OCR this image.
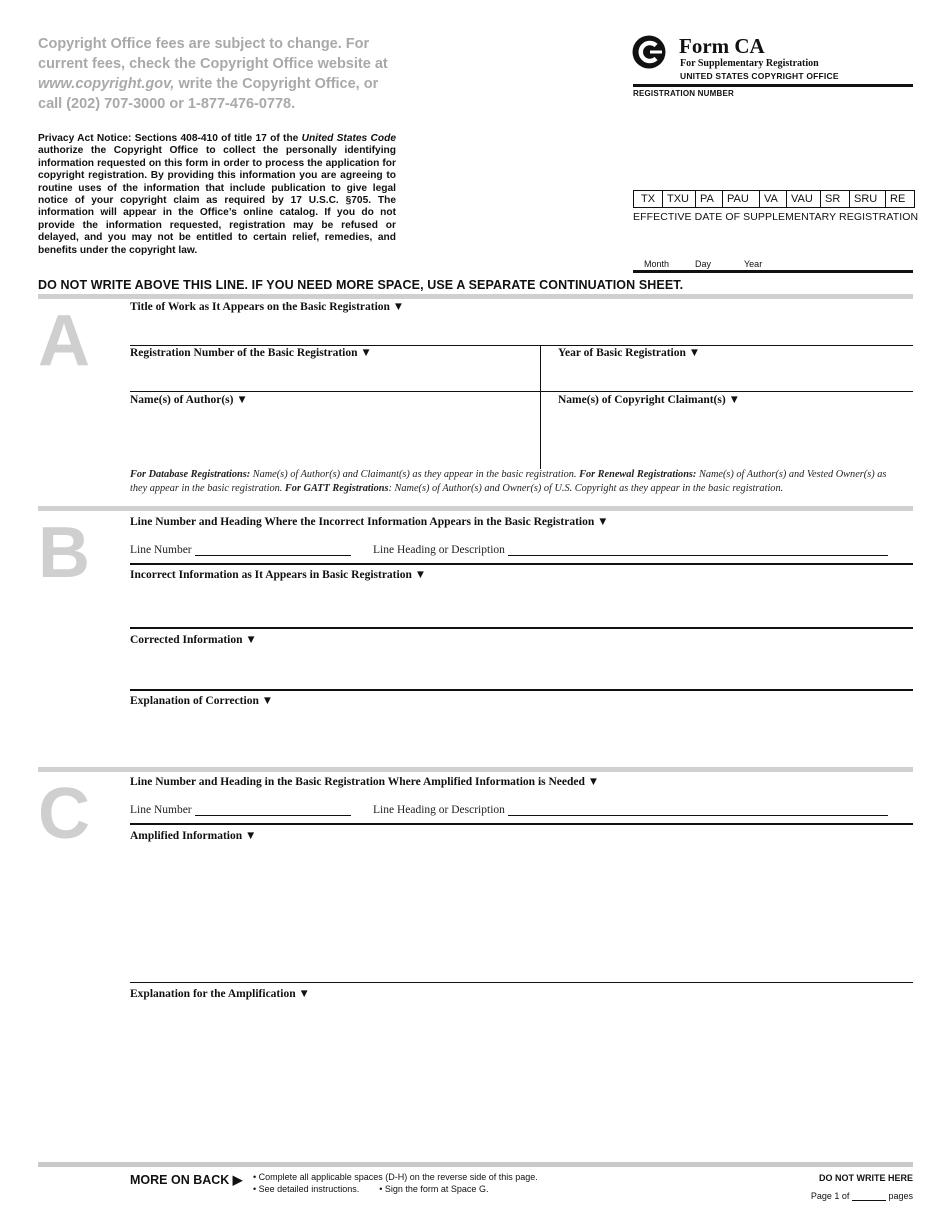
Copyright Office fees are subject to change. For current fees, check the Copyright Office website at www.copyright.gov, write the Copyright Office, or call (202) 707-3000 or 1-877-476-0778.
Privacy Act Notice: Sections 408-410 of title 17 of the United States Code authorize the Copyright Office to collect the personally identifying information requested on this form in order to process the application for copyright registration. By providing this information you are agreeing to routine uses of the information that include publication to give legal notice of your copyright claim as required by 17 U.S.C. §705. The information will appear in the Office’s online catalog. If you do not provide the information requested, registration may be refused or delayed, and you may not be entitled to certain relief, remedies, and benefits under the copyright law.
Form CA
For Supplementary Registration
UNITED STATES COPYRIGHT OFFICE
REGISTRATION NUMBER
TX	TXU	PA	PAU	VA	VAU	SR	SRU	RE
EFFECTIVE DATE OF SUPPLEMENTARY REGISTRATION
Month	Day	Year
DO NOT WRITE ABOVE THIS LINE. IF YOU NEED MORE SPACE, USE A SEPARATE CONTINUATION SHEET.
A	Title of Work as It Appears on the Basic Registration ▼
Registration Number of the Basic Registration ▼	Year of Basic Registration ▼
Name(s) of Author(s) ▼	Name(s) of Copyright Claimant(s) ▼
For Database Registrations: Name(s) of Author(s) and Claimant(s) as they appear in the basic registration. For Renewal Registrations: Name(s) of Author(s) and Vested Owner(s) as they appear in the basic registration. For GATT Registrations: Name(s) of Author(s) and Owner(s) of U.S. Copyright as they appear in the basic registration.
B	Line Number and Heading Where the Incorrect Information Appears in the Basic Registration ▼
Line Number	Line Heading or Description
Incorrect Information as It Appears in Basic Registration ▼
Corrected Information ▼
Explanation of Correction ▼
C	Line Number and Heading in the Basic Registration Where Amplified Information is Needed ▼
Line Number	Line Heading or Description
Amplified Information ▼
Explanation for the Amplification ▼
MORE ON BACK ▶ • Complete all applicable spaces (D-H) on the reverse side of this page.
• See detailed instructions. • Sign the form at Space G.
DO NOT WRITE HERE
Page 1 of	pages
